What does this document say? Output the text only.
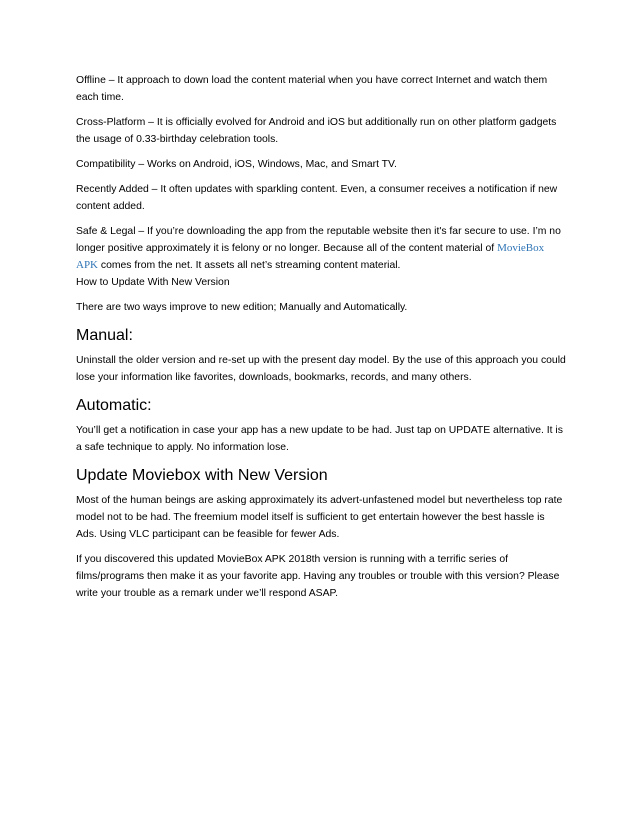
Offline – It approach to down load the content material when you have correct Internet and watch them each time.

Cross-Platform – It is officially evolved for Android and iOS but additionally run on other platform gadgets the usage of 0.33-birthday celebration tools.

Compatibility – Works on Android, iOS, Windows, Mac, and Smart TV.

Recently Added – It often updates with sparkling content. Even, a consumer receives a notification if new content added.

Safe & Legal – If you’re downloading the app from the reputable website then it's far secure to use. I’m no longer positive approximately it is felony or no longer. Because all of the content material of MovieBox APK comes from the net. It assets all net’s streaming content material.

How to Update With New Version

There are two ways improve to new edition; Manually and Automatically.

Manual:

Uninstall the older version and re-set up with the present day model. By the use of this approach you could lose your information like favorites, downloads, bookmarks, records, and many others.

Automatic:

You’ll get a notification in case your app has a new update to be had. Just tap on UPDATE alternative. It is a safe technique to apply. No information lose.

Update Moviebox with New Version

Most of the human beings are asking approximately its advert-unfastened model but nevertheless top rate model not to be had. The freemium model itself is sufficient to get entertain however the best hassle is Ads. Using VLC participant can be feasible for fewer Ads.

If you discovered this updated MovieBox APK 2018th version is running with a terrific series of films/programs then make it as your favorite app. Having any troubles or trouble with this version? Please write your trouble as a remark under we’ll respond ASAP.
